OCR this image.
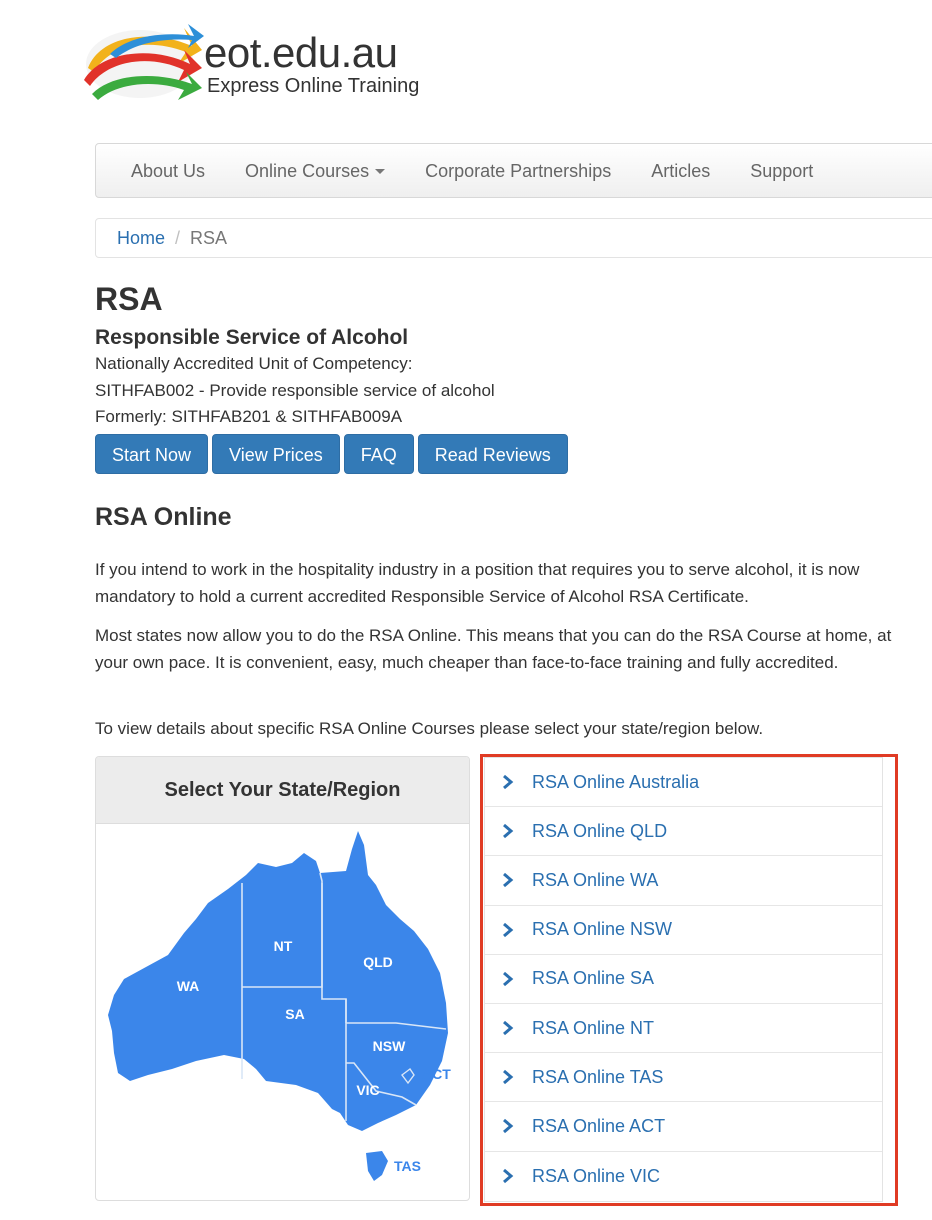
eot.edu.au
Express Online Training
About Us	Online Courses	Corporate Partnerships	Articles	Support
Home / RSA
RSA
Responsible Service of Alcohol
Nationally Accredited Unit of Competency:
SITHFAB002 - Provide responsible service of alcohol
Formerly: SITHFAB201 & SITHFAB009A
Start Now	View Prices	FAQ	Read Reviews
RSA Online

If you intend to work in the hospitality industry in a position that requires you to serve alcohol, it is now mandatory to hold a current accredited Responsible Service of Alcohol RSA Certificate.

Most states now allow you to do the RSA Online. This means that you can do the RSA Course at home, at your own pace. It is convenient, easy, much cheaper than face-to-face training and fully accredited.

To view details about specific RSA Online Courses please select your state/region below.

Select Your State/Region
WA
NT
QLD
SA
NSW
VIC
ACT
TAS
RSA Online Australia
RSA Online QLD
RSA Online WA
RSA Online NSW
RSA Online SA
RSA Online NT
RSA Online TAS
RSA Online ACT
RSA Online VIC
